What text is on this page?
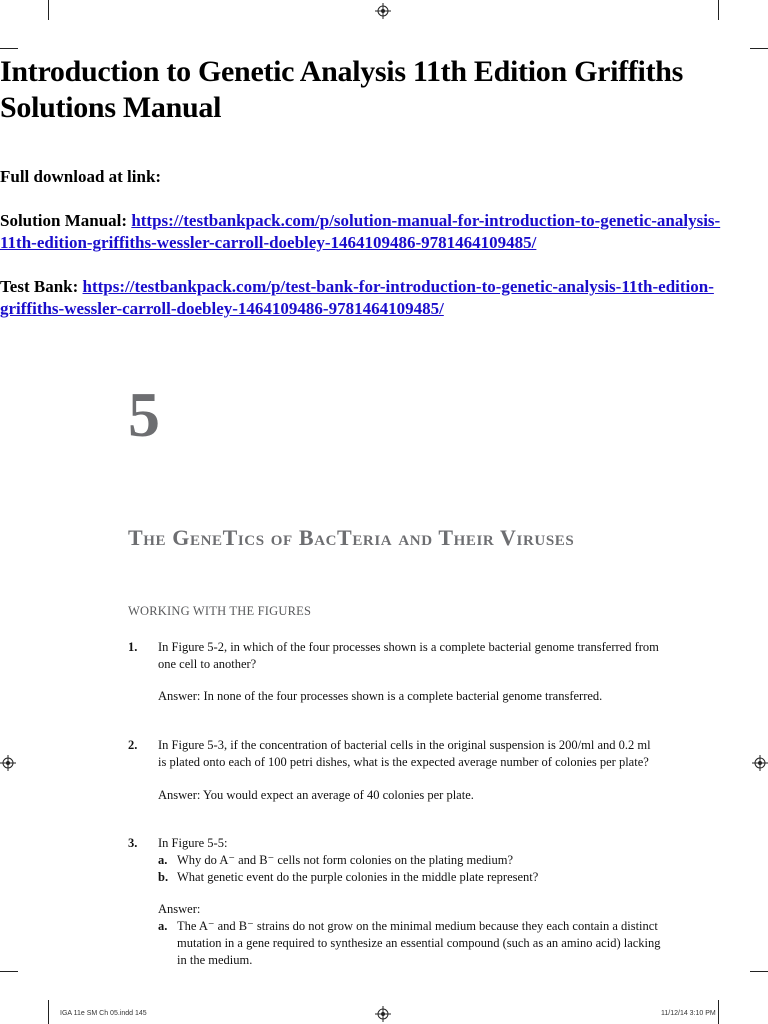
Introduction to Genetic Analysis 11th Edition Griffiths
Solutions Manual
Full download at link:
Solution Manual: https://testbankpack.com/p/solution-manual-for-introduction-to-genetic-analysis-
11th-edition-griffiths-wessler-carroll-doebley-1464109486-9781464109485/
Test Bank: https://testbankpack.com/p/test-bank-for-introduction-to-genetic-analysis-11th-edition-
griffiths-wessler-carroll-doebley-1464109486-9781464109485/
5
The GeneTics of BacTeria and Their Viruses
WORKING WITH THE FIGURES
1. In Figure 5-2, in which of the four processes shown is a complete bacterial genome transferred from
one cell to another?
Answer: In none of the four processes shown is a complete bacterial genome transferred.
2. In Figure 5-3, if the concentration of bacterial cells in the original suspension is 200/ml and 0.2 ml
is plated onto each of 100 petri dishes, what is the expected average number of colonies per plate?
Answer: You would expect an average of 40 colonies per plate.
3. In Figure 5-5:
a. Why do A⁻ and B⁻ cells not form colonies on the plating medium?
b. What genetic event do the purple colonies in the middle plate represent?
Answer:
a. The A⁻ and B⁻ strains do not grow on the minimal medium because they each contain a distinct
mutation in a gene required to synthesize an essential compound (such as an amino acid) lacking
in the medium.
IGA 11e SM Ch 05.indd 145	11/12/14 3:10 PM
